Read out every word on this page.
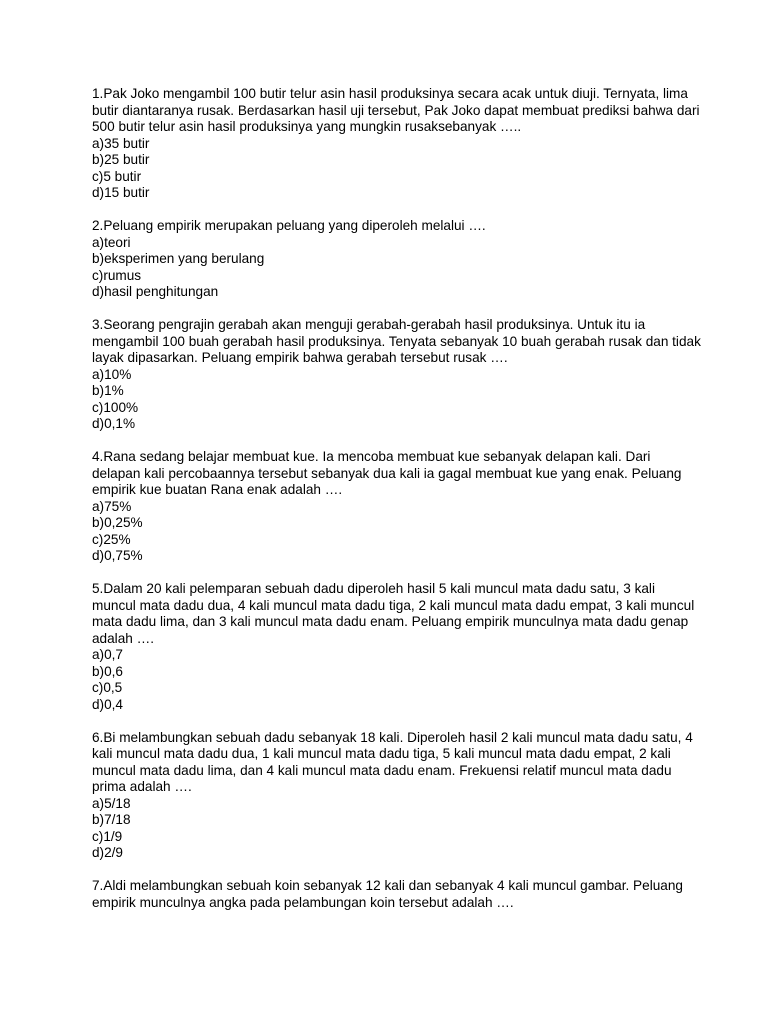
1.Pak Joko mengambil 100 butir telur asin hasil produksinya secara acak untuk diuji. Ternyata, lima butir diantaranya rusak. Berdasarkan hasil uji tersebut, Pak Joko dapat membuat prediksi bahwa dari 500 butir telur asin hasil produksinya yang mungkin rusaksebanyak …..
a)35 butir
b)25 butir
c)5 butir
d)15 butir
2.Peluang empirik merupakan peluang yang diperoleh melalui ….
a)teori
b)eksperimen yang berulang
c)rumus
d)hasil penghitungan
3.Seorang pengrajin gerabah akan menguji gerabah-gerabah hasil produksinya. Untuk itu ia mengambil 100 buah gerabah hasil produksinya. Tenyata sebanyak 10 buah gerabah rusak dan tidak layak dipasarkan. Peluang empirik bahwa gerabah tersebut rusak ….
a)10%
b)1%
c)100%
d)0,1%
4.Rana sedang belajar membuat kue. Ia mencoba membuat kue sebanyak delapan kali. Dari delapan kali percobaannya tersebut sebanyak dua kali ia gagal membuat kue yang enak. Peluang empirik kue buatan Rana enak adalah ….
a)75%
b)0,25%
c)25%
d)0,75%
5.Dalam 20 kali pelemparan sebuah dadu diperoleh hasil 5 kali muncul mata dadu satu, 3 kali muncul mata dadu dua, 4 kali muncul mata dadu tiga, 2 kali muncul mata dadu empat, 3 kali muncul mata dadu lima, dan 3 kali muncul mata dadu enam. Peluang empirik munculnya mata dadu genap adalah ….
a)0,7
b)0,6
c)0,5
d)0,4
6.Bi melambungkan sebuah dadu sebanyak 18 kali. Diperoleh hasil 2 kali muncul mata dadu satu, 4 kali muncul mata dadu dua, 1 kali muncul mata dadu tiga, 5 kali muncul mata dadu empat, 2 kali muncul mata dadu lima, dan 4 kali muncul mata dadu enam. Frekuensi relatif muncul mata dadu prima adalah ….
a)5/18
b)7/18
c)1/9
d)2/9
7.Aldi melambungkan sebuah koin sebanyak 12 kali dan sebanyak 4 kali muncul gambar. Peluang empirik munculnya angka pada pelambungan koin tersebut adalah ….
